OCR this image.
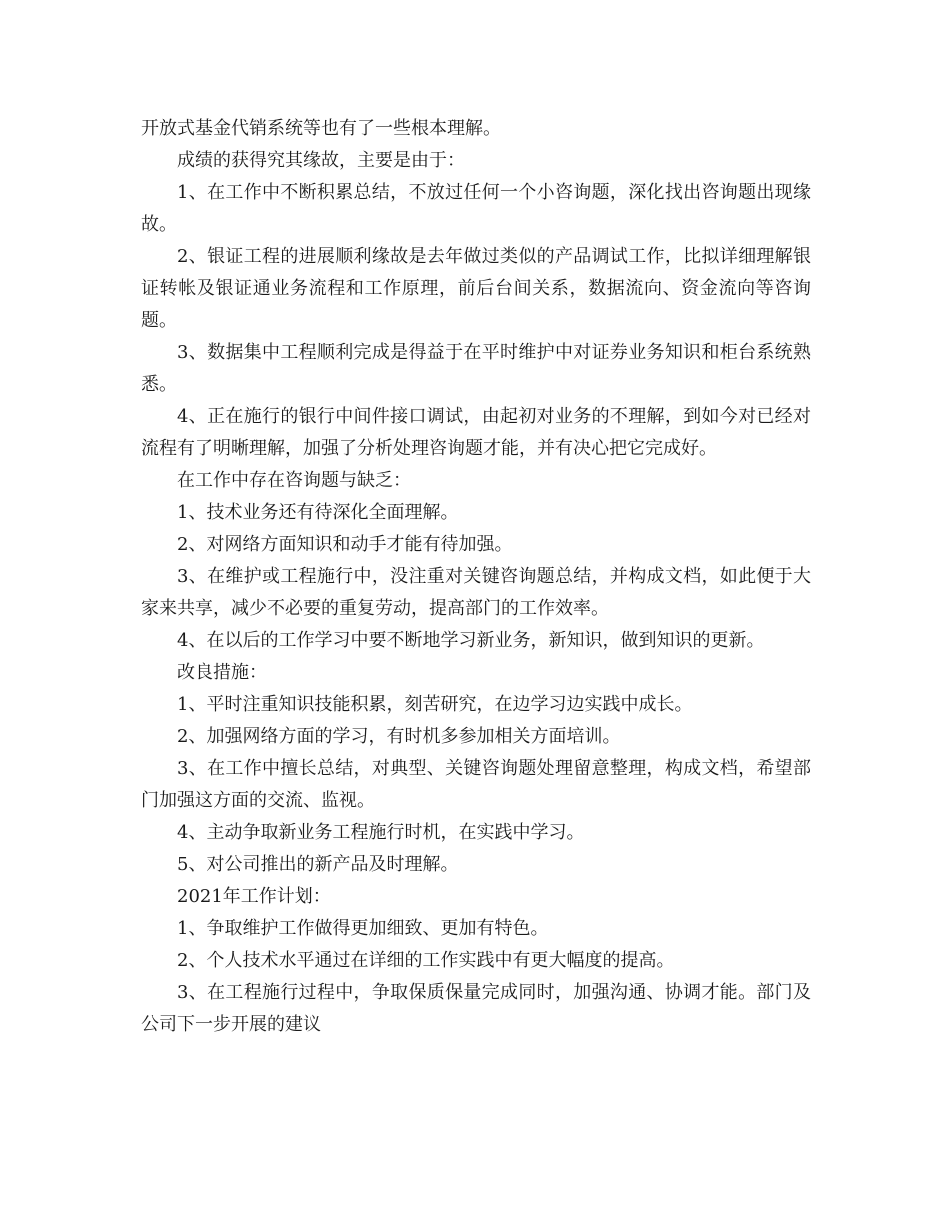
开放式基金代销系统等也有了一些根本理解。

成绩的获得究其缘故，主要是由于：

1、在工作中不断积累总结，不放过任何一个小咨询题，深化找出咨询题出现缘故。

2、银证工程的进展顺利缘故是去年做过类似的产品调试工作，比拟详细理解银证转帐及银证通业务流程和工作原理，前后台间关系，数据流向、资金流向等咨询题。

3、数据集中工程顺利完成是得益于在平时维护中对证券业务知识和柜台系统熟悉。

4、正在施行的银行中间件接口调试，由起初对业务的不理解，到如今对已经对流程有了明晰理解，加强了分析处理咨询题才能，并有决心把它完成好。

在工作中存在咨询题与缺乏：

1、技术业务还有待深化全面理解。

2、对网络方面知识和动手才能有待加强。

3、在维护或工程施行中，没注重对关键咨询题总结，并构成文档，如此便于大家来共享，减少不必要的重复劳动，提高部门的工作效率。

4、在以后的工作学习中要不断地学习新业务，新知识，做到知识的更新。

改良措施：

1、平时注重知识技能积累，刻苦研究，在边学习边实践中成长。

2、加强网络方面的学习，有时机多参加相关方面培训。

3、在工作中擅长总结，对典型、关键咨询题处理留意整理，构成文档，希望部门加强这方面的交流、监视。

4、主动争取新业务工程施行时机，在实践中学习。

5、对公司推出的新产品及时理解。

2021年工作计划：

1、争取维护工作做得更加细致、更加有特色。

2、个人技术水平通过在详细的工作实践中有更大幅度的提高。

3、在工程施行过程中，争取保质保量完成同时，加强沟通、协调才能。部门及公司下一步开展的建议
